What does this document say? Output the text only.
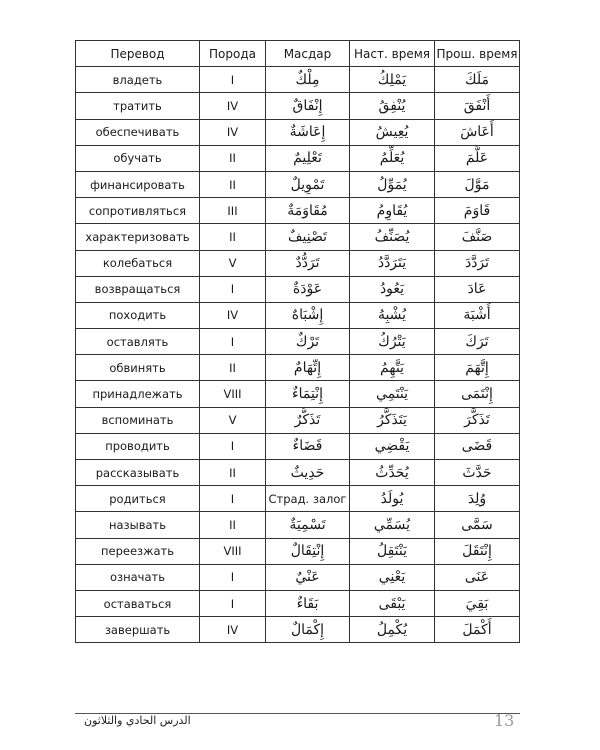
Перевод	Порода	Масдар	Наст. время	Прош. время
владеть	I	مِلْكٌ	يَمْلِكُ	مَلَكَ
тратить	IV	إِنْفَاقٌ	يُنْفِقُ	أَنْفَقَ
обеспечивать	IV	إِعَاشَةٌ	يُعِيشُ	أَعَاشَ
обучать	II	تَعْلِيمٌ	يُعَلِّمُ	عَلَّمَ
финансировать	II	تَمْوِيلٌ	يُمَوِّلُ	مَوَّلَ
сопротивляться	III	مُقَاوَمَةٌ	يُقَاوِمُ	قَاوَمَ
характеризовать	II	تَصْنِيفٌ	يُصَنِّفُ	صَنَّفَ
колебаться	V	تَرَدُّدٌ	يَتَرَدَّدُ	تَرَدَّدَ
возвращаться	I	عَوْدَةٌ	يَعُودُ	عَادَ
походить	IV	إِشْبَاهٌ	يُشْبِهُ	أَشْبَهَ
оставлять	I	تَرْكٌ	يَتْرُكُ	تَرَكَ
обвинять	II	إِتِّهَامٌ	يَتَّهِمُ	إِتَّهَمَ
принадлежать	VIII	إِنْتِمَاءٌ	يَنْتَمِي	إِنْتَمَى
вспоминать	V	تَذَكُّرٌ	يَتَذَكَّرُ	تَذَكَّرَ
проводить	I	قَضَاءٌ	يَقْضِي	قَضَى
рассказывать	II	حَدِيثٌ	يُحَدِّثُ	حَدَّثَ
родиться	I	Страд. залог	يُولَدُ	وُلِدَ
называть	II	تَسْمِيَةٌ	يُسَمِّي	سَمَّى
переезжать	VIII	إِنْتِقَالٌ	يَنْتَقِلُ	إِنْتَقَلَ
означать	I	عَنْيٌ	يَعْنِي	عَنَى
оставаться	I	بَقَاءٌ	يَبْقَى	بَقِيَ
завершать	IV	إِكْمَالٌ	يُكْمِلُ	أَكْمَلَ
الدرس الحادي والثلاثون	13
